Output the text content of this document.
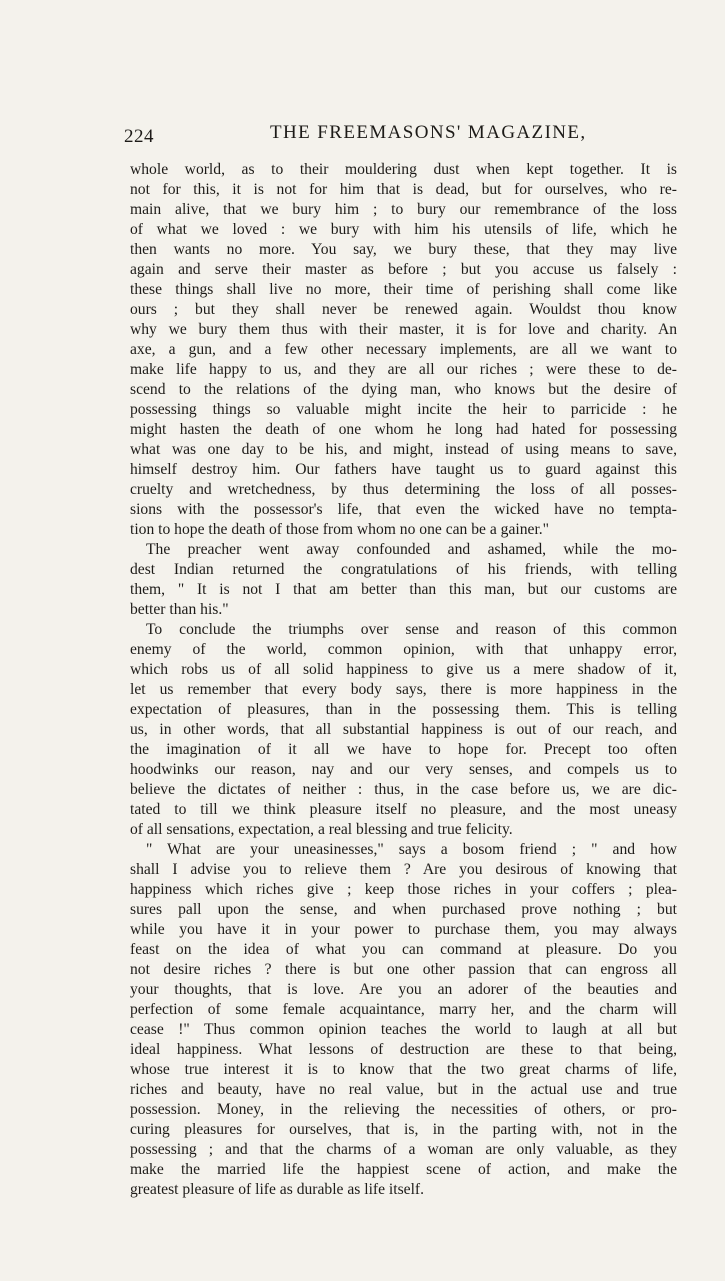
224	THE FREEMASONS' MAGAZINE,
whole world, as to their mouldering dust when kept together. It is
not for this, it is not for him that is dead, but for ourselves, who re-
main alive, that we bury him ; to bury our remembrance of the loss
of what we loved : we bury with him his utensils of life, which he
then wants no more. You say, we bury these, that they may live
again and serve their master as before ; but you accuse us falsely :
these things shall live no more, their time of perishing shall come like
ours ; but they shall never be renewed again. Wouldst thou know
why we bury them thus with their master, it is for love and charity. An
axe, a gun, and a few other necessary implements, are all we want to
make life happy to us, and they are all our riches ; were these to de-
scend to the relations of the dying man, who knows but the desire of
possessing things so valuable might incite the heir to parricide : he
might hasten the death of one whom he long had hated for possessing
what was one day to be his, and might, instead of using means to save,
himself destroy him. Our fathers have taught us to guard against this
cruelty and wretchedness, by thus determining the loss of all posses-
sions with the possessor's life, that even the wicked have no tempta-
tion to hope the death of those from whom no one can be a gainer."
The preacher went away confounded and ashamed, while the mo-
dest Indian returned the congratulations of his friends, with telling
them, " It is not I that am better than this man, but our customs are
better than his."
To conclude the triumphs over sense and reason of this common
enemy of the world, common opinion, with that unhappy error,
which robs us of all solid happiness to give us a mere shadow of it,
let us remember that every body says, there is more happiness in the
expectation of pleasures, than in the possessing them. This is telling
us, in other words, that all substantial happiness is out of our reach, and
the imagination of it all we have to hope for. Precept too often
hoodwinks our reason, nay and our very senses, and compels us to
believe the dictates of neither : thus, in the case before us, we are dic-
tated to till we think pleasure itself no pleasure, and the most uneasy
of all sensations, expectation, a real blessing and true felicity.
" What are your uneasinesses," says a bosom friend ; " and how
shall I advise you to relieve them ? Are you desirous of knowing that
happiness which riches give ; keep those riches in your coffers ; plea-
sures pall upon the sense, and when purchased prove nothing ; but
while you have it in your power to purchase them, you may always
feast on the idea of what you can command at pleasure. Do you
not desire riches ? there is but one other passion that can engross all
your thoughts, that is love. Are you an adorer of the beauties and
perfection of some female acquaintance, marry her, and the charm will
cease !" Thus common opinion teaches the world to laugh at all but
ideal happiness. What lessons of destruction are these to that being,
whose true interest it is to know that the two great charms of life,
riches and beauty, have no real value, but in the actual use and true
possession. Money, in the relieving the necessities of others, or pro-
curing pleasures for ourselves, that is, in the parting with, not in the
possessing ; and that the charms of a woman are only valuable, as they
make the married life the happiest scene of action, and make the
greatest pleasure of life as durable as life itself.
